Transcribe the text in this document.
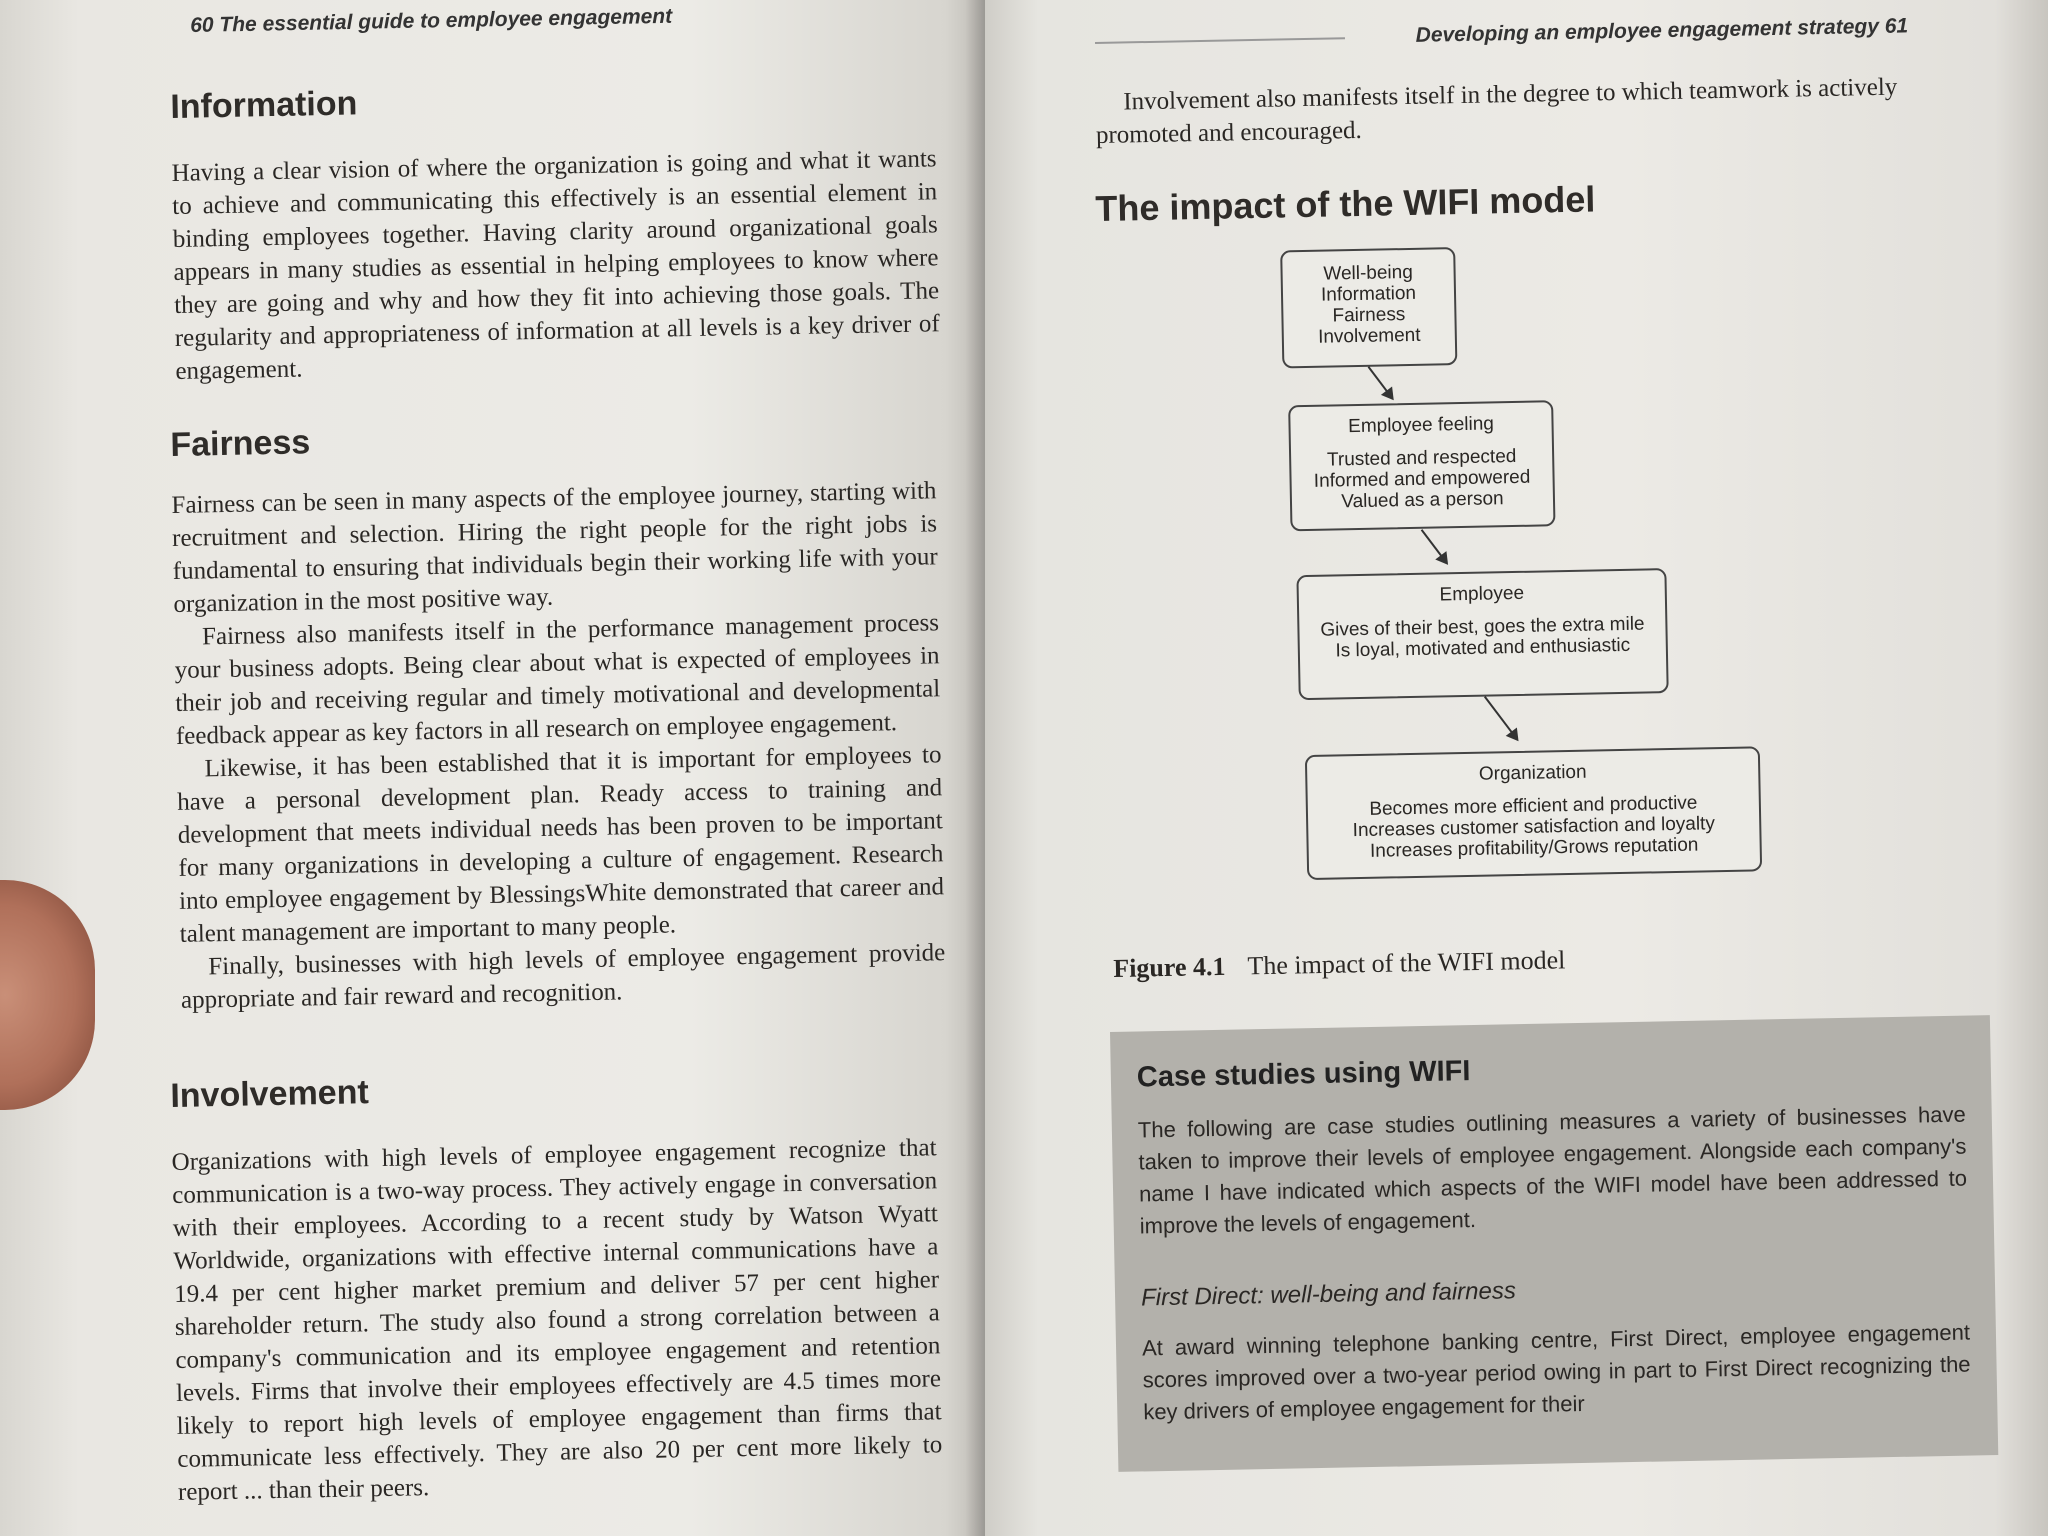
60 The essential guide to employee engagement
Information

Having a clear vision of where the organization is going and what it wants to achieve and communicating this effectively is an essential element in binding employees together. Having clarity around organizational goals appears in many studies as essential in helping employees to know where they are going and why and how they fit into achieving those goals. The regularity and appropriateness of information at all levels is a key driver of engagement.

Fairness

Fairness can be seen in many aspects of the employee journey, starting with recruitment and selection. Hiring the right people for the right jobs is fundamental to ensuring that individuals begin their working life with your organization in the most positive way.

Fairness also manifests itself in the performance management process your business adopts. Being clear about what is expected of employees in their job and receiving regular and timely motivational and developmental feedback appear as key factors in all research on employee engagement.

Likewise, it has been established that it is important for employees to have a personal development plan. Ready access to training and development that meets individual needs has been proven to be important for many organizations in developing a culture of engagement. Research into employee engagement by BlessingsWhite demonstrated that career and talent management are important to many people.

Finally, businesses with high levels of employee engagement provide appropriate and fair reward and recognition.

Involvement

Organizations with high levels of employee engagement recognize that communication is a two-way process. They actively engage in conversation with their employees. According to a recent study by Watson Wyatt Worldwide, organizations with effective internal communications have a 19.4 per cent higher market premium and deliver 57 per cent higher shareholder return. The study also found a strong correlation between a company's communication and its employee engagement and retention levels. Firms that involve their employees effectively are 4.5 times more likely to report high levels of employee engagement than firms that communicate less effectively. They are also 20 per cent more likely to report ... than their peers.

Developing an employee engagement strategy 61

Involvement also manifests itself in the degree to which teamwork is actively promoted and encouraged.

The impact of the WIFI model
Well-being
Information
Fairness
Involvement
Employee feeling
Trusted and respected
Informed and empowered
Valued as a person
Employee
Gives of their best, goes the extra mile
Is loyal, motivated and enthusiastic
Organization
Becomes more efficient and productive
Increases customer satisfaction and loyalty
Increases profitability/Grows reputation
Figure 4.1 The impact of the WIFI model
Case studies using WIFI

The following are case studies outlining measures a variety of businesses have taken to improve their levels of employee engagement. Alongside each company's name I have indicated which aspects of the WIFI model have been addressed to improve the levels of engagement.

First Direct: well-being and fairness

At award winning telephone banking centre, First Direct, employee engagement scores improved over a two-year period owing in part to First Direct recognizing the key drivers of employee engagement for their
